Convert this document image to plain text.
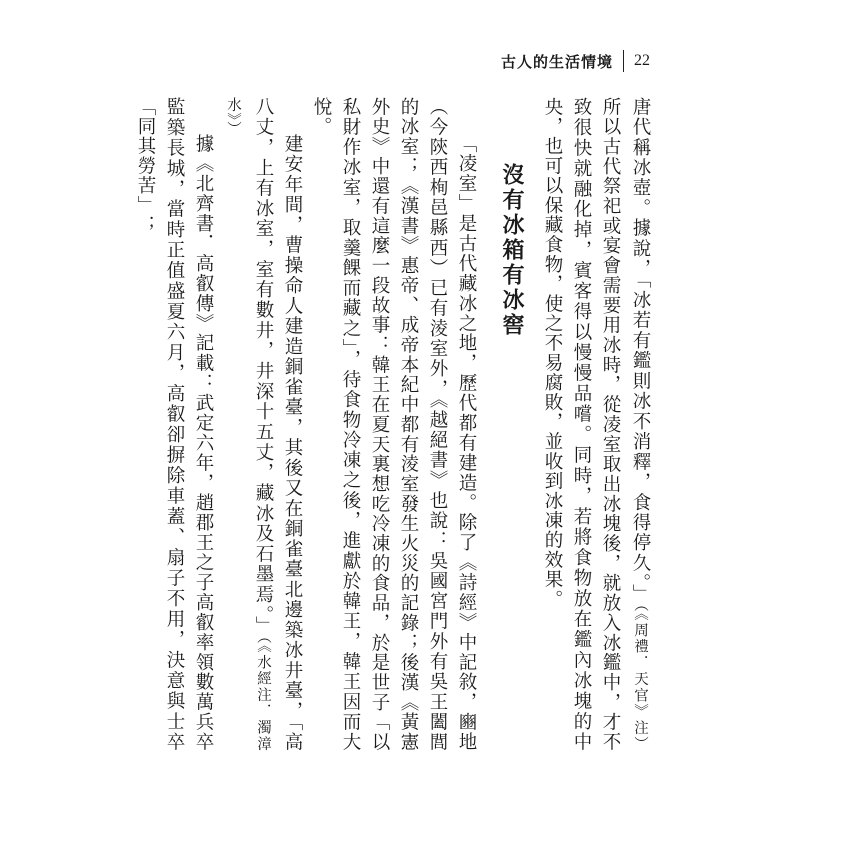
古人的生活情境 22

唐代稱冰壺。據說，「冰若有鑑則冰不消釋，食得停久。」（《周禮．天官》注）所以古代祭祀或宴會需要用冰時，從凌室取出冰塊後，就放入冰鑑中，才不致很快就融化掉，賓客得以慢慢品嚐。同時，若將食物放在鑑內冰塊的中央，也可以保藏食物，使之不易腐敗，並收到冰凍的效果。

沒有冰箱有冰窖

「凌室」是古代藏冰之地，歷代都有建造。除了《詩經》中記敘，豳地（今陝西栒邑縣西）已有淩室外，《越絕書》也說：吳國宮門外有吳王闔閭的冰室；《漢書》惠帝、成帝本紀中都有淩室發生火災的記錄；後漢《黃憲外史》中還有這麼一段故事：韓王在夏天裏想吃冷凍的食品，於是世子「以私財作冰室，取羹餜而藏之」，待食物冷凍之後，進獻於韓王，韓王因而大悅。

建安年間，曹操命人建造銅雀臺，其後又在銅雀臺北邊築冰井臺，「高八丈，上有冰室，室有數井，井深十五丈，藏冰及石墨焉。」（《水經注．濁漳水》）

據《北齊書．高叡傳》記載：武定六年，趙郡王之子高叡率領數萬兵卒監築長城，當時正值盛夏六月，高叡卻摒除車蓋、扇子不用，決意與士卒「同其勞苦」；
